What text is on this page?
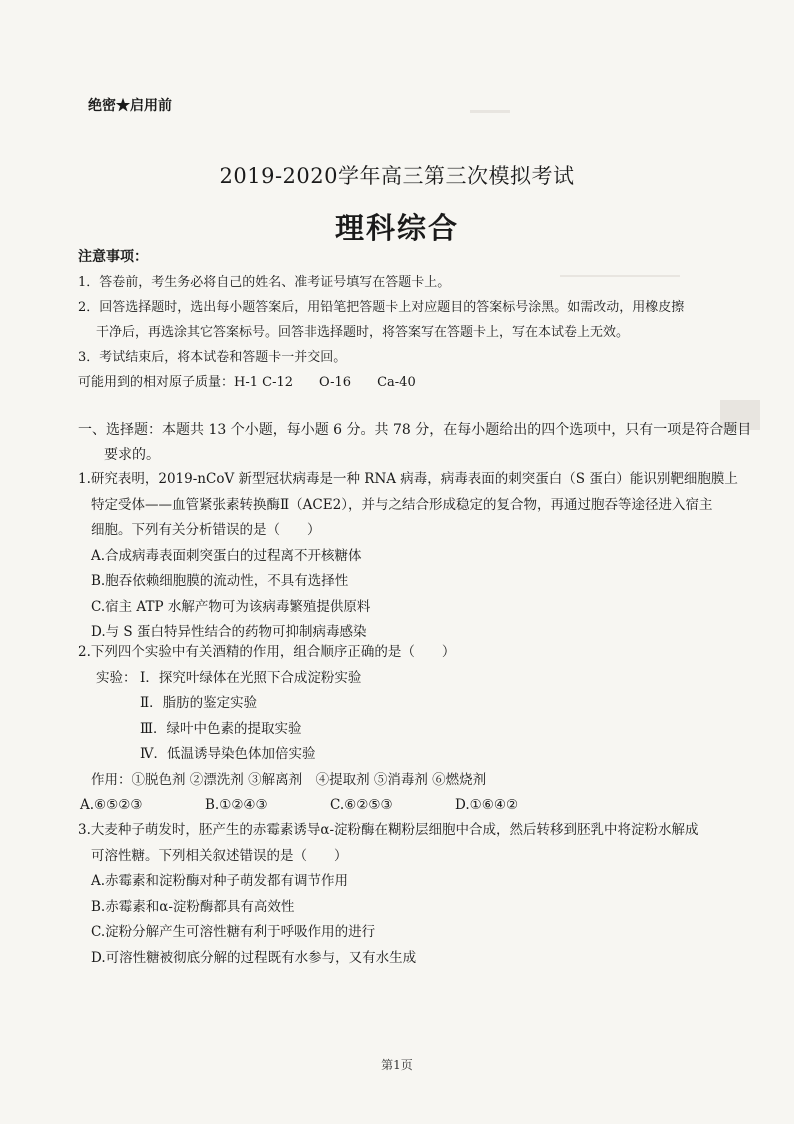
绝密★启用前
2019-2020学年高三第三次模拟考试
理科综合
注意事项：
1．答卷前，考生务必将自己的姓名、准考证号填写在答题卡上。
2．回答选择题时，选出每小题答案后，用铅笔把答题卡上对应题目的答案标号涂黑。如需改动，用橡皮擦
干净后，再选涂其它答案标号。回答非选择题时，将答案写在答题卡上，写在本试卷上无效。
3．考试结束后，将本试卷和答题卡一并交回。
可能用到的相对原子质量：H-1 C-12　　O-16　　Ca-40
一、选择题：本题共 13 个小题，每小题 6 分。共 78 分，在每小题给出的四个选项中，只有一项是符合题目
要求的。
1.研究表明，2019-nCoV 新型冠状病毒是一种 RNA 病毒，病毒表面的刺突蛋白（S 蛋白）能识别靶细胞膜上
特定受体——血管紧张素转换酶Ⅱ（ACE2），并与之结合形成稳定的复合物，再通过胞吞等途径进入宿主
细胞。下列有关分析错误的是（　　）
A.合成病毒表面刺突蛋白的过程离不开核糖体
B.胞吞依赖细胞膜的流动性，不具有选择性
C.宿主 ATP 水解产物可为该病毒繁殖提供原料
D.与 S 蛋白特异性结合的药物可抑制病毒感染
2.下列四个实验中有关酒精的作用，组合顺序正确的是（　　）
实验： Ⅰ．探究叶绿体在光照下合成淀粉实验
Ⅱ．脂肪的鉴定实验
Ⅲ．绿叶中色素的提取实验
Ⅳ．低温诱导染色体加倍实验
作用：①脱色剂 ②漂洗剂 ③解离剂　④提取剂 ⑤消毒剂 ⑥燃烧剂
A.⑥⑤②③	B.①②④③	C.⑥②⑤③	D.①⑥④②
3.大麦种子萌发时，胚产生的赤霉素诱导α-淀粉酶在糊粉层细胞中合成，然后转移到胚乳中将淀粉水解成
可溶性糖。下列相关叙述错误的是（　　）
A.赤霉素和淀粉酶对种子萌发都有调节作用
B.赤霉素和α-淀粉酶都具有高效性
C.淀粉分解产生可溶性糖有利于呼吸作用的进行
D.可溶性糖被彻底分解的过程既有水参与，又有水生成
第1页
